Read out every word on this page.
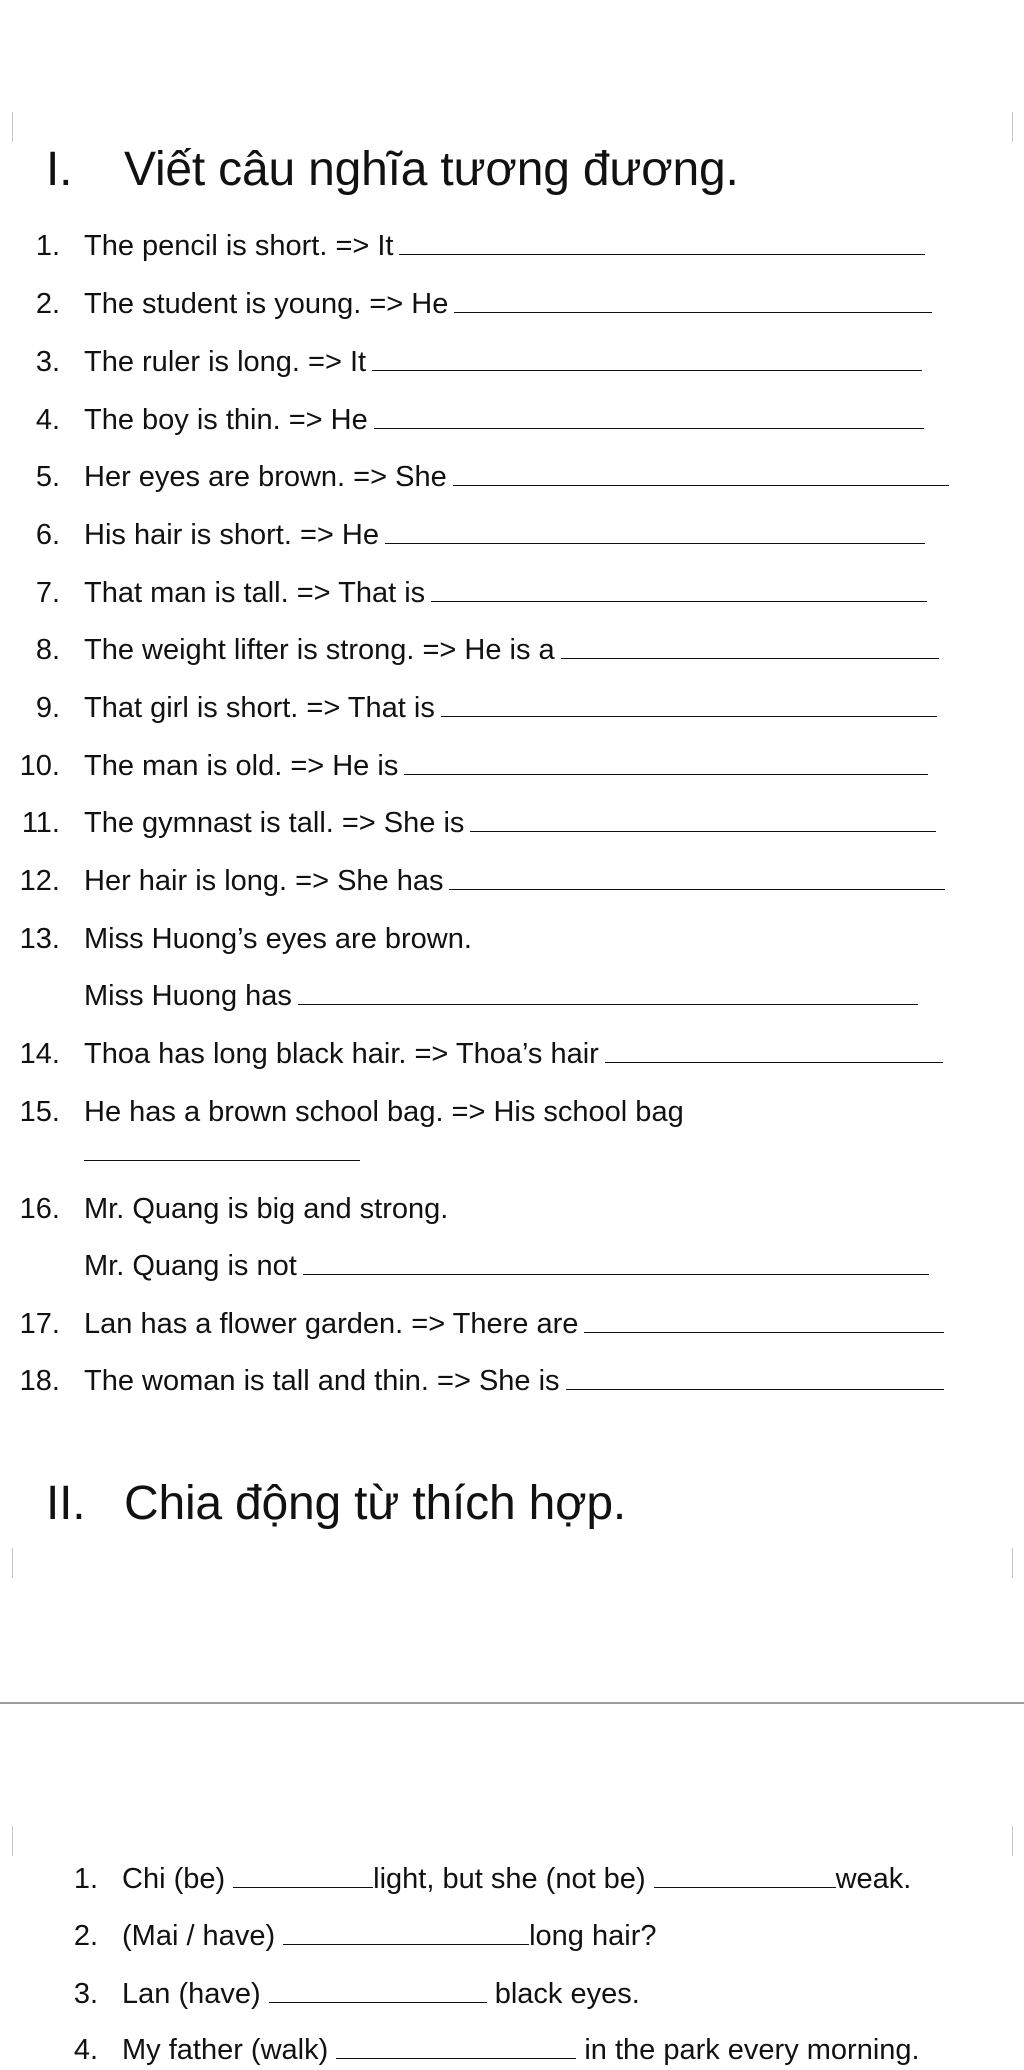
I. Viết câu nghĩa tương đương.
1. The pencil is short. => It
2. The student is young. => He
3. The ruler is long. => It
4. The boy is thin. => He
5. Her eyes are brown. => She
6. His hair is short. => He
7. That man is tall. => That is
8. The weight lifter is strong. => He is a
9. That girl is short. => That is
10. The man is old. => He is
11. The gymnast is tall. => She is
12. Her hair is long. => She has
13. Miss Huong’s eyes are brown.
Miss Huong has
14. Thoa has long black hair. => Thoa’s hair
15. He has a brown school bag. => His school bag
16. Mr. Quang is big and strong.
Mr. Quang is not
17. Lan has a flower garden. => There are
18. The woman is tall and thin. => She is
II. Chia động từ thích hợp.
1. Chi (be)	light, but she (not be)	weak.
2. (Mai / have)	long hair?
3. Lan (have)	black eyes.
4. My father (walk)	in the park every morning.
